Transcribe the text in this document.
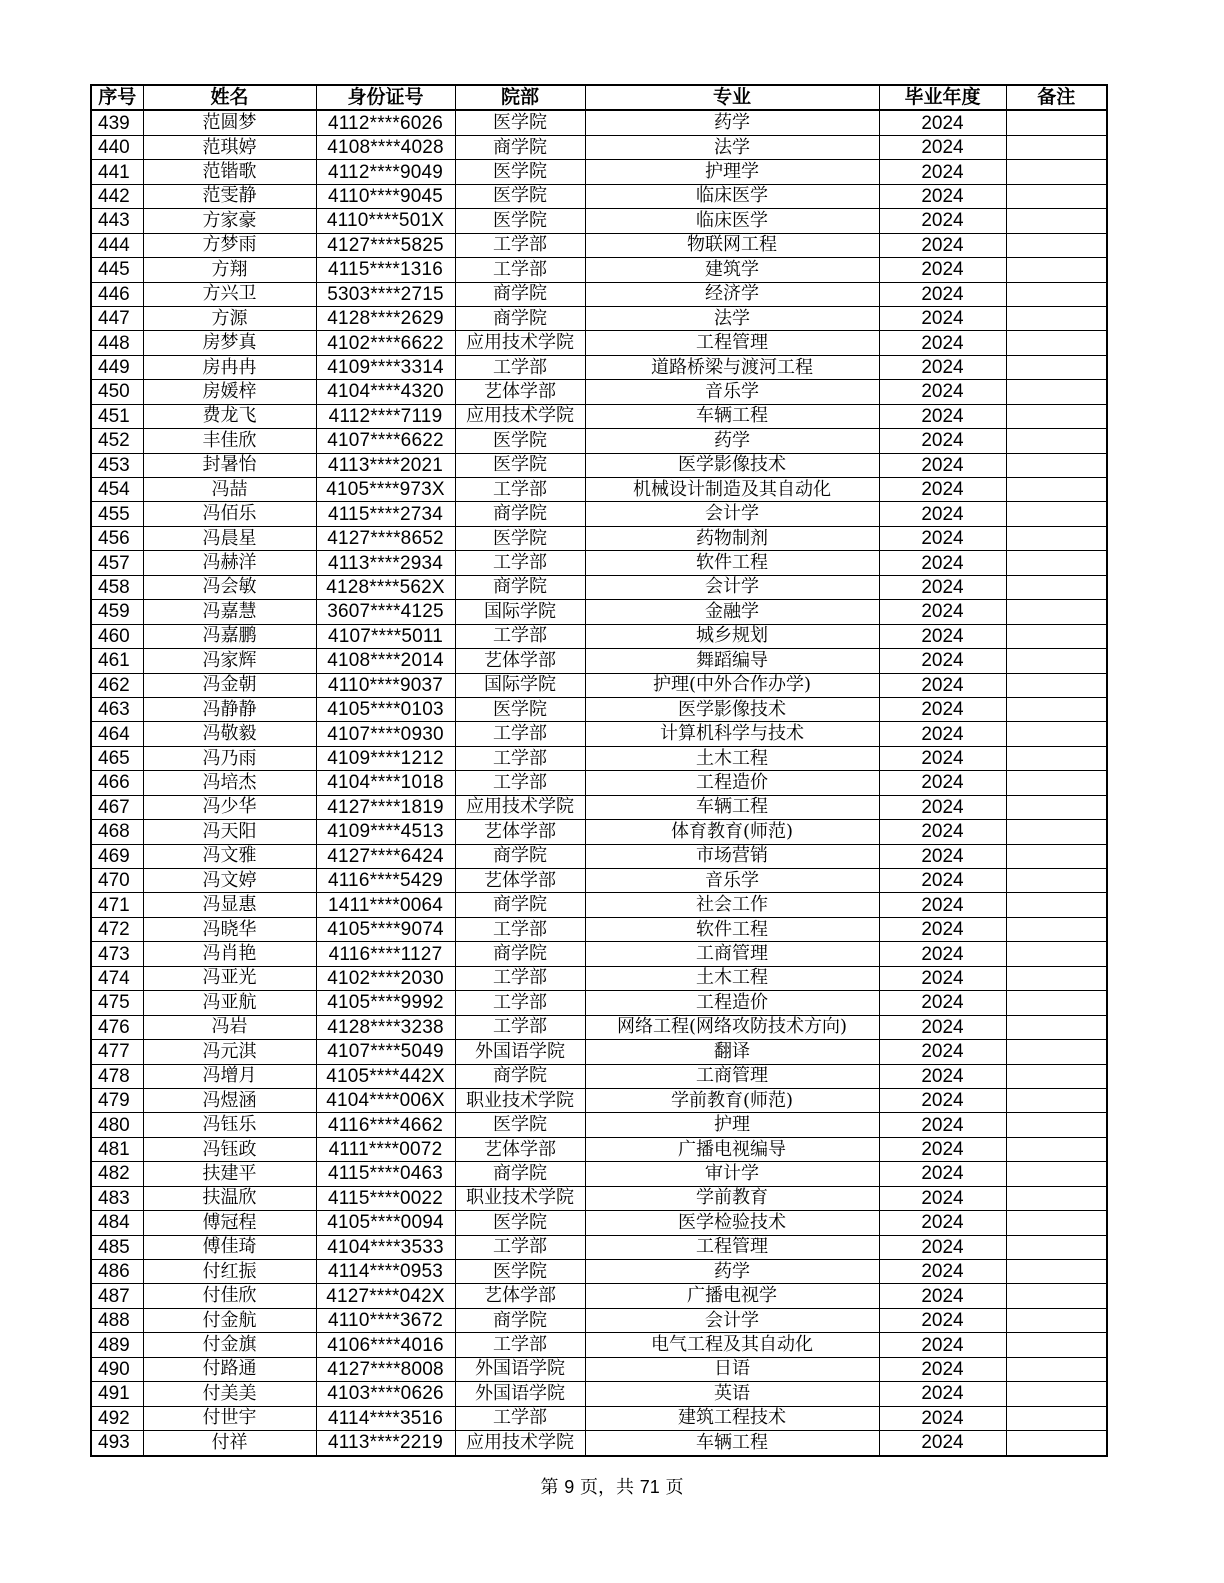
序号	姓名	身份证号	院部	专业	毕业年度	备注
439	范圆梦	4112****6026	医学院	药学	2024	
440	范琪婷	4108****4028	商学院	法学	2024	
441	范锴歌	4112****9049	医学院	护理学	2024	
442	范雯静	4110****9045	医学院	临床医学	2024	
443	方家豪	4110****501X	医学院	临床医学	2024	
444	方梦雨	4127****5825	工学部	物联网工程	2024	
445	方翔	4115****1316	工学部	建筑学	2024	
446	方兴卫	5303****2715	商学院	经济学	2024	
447	方源	4128****2629	商学院	法学	2024	
448	房梦真	4102****6622	应用技术学院	工程管理	2024	
449	房冉冉	4109****3314	工学部	道路桥梁与渡河工程	2024	
450	房媛梓	4104****4320	艺体学部	音乐学	2024	
451	费龙飞	4112****7119	应用技术学院	车辆工程	2024	
452	丰佳欣	4107****6622	医学院	药学	2024	
453	封暑怡	4113****2021	医学院	医学影像技术	2024	
454	冯喆	4105****973X	工学部	机械设计制造及其自动化	2024	
455	冯佰乐	4115****2734	商学院	会计学	2024	
456	冯晨星	4127****8652	医学院	药物制剂	2024	
457	冯赫洋	4113****2934	工学部	软件工程	2024	
458	冯会敏	4128****562X	商学院	会计学	2024	
459	冯嘉慧	3607****4125	国际学院	金融学	2024	
460	冯嘉鹏	4107****5011	工学部	城乡规划	2024	
461	冯家辉	4108****2014	艺体学部	舞蹈编导	2024	
462	冯金朝	4110****9037	国际学院	护理(中外合作办学)	2024	
463	冯静静	4105****0103	医学院	医学影像技术	2024	
464	冯敬毅	4107****0930	工学部	计算机科学与技术	2024	
465	冯乃雨	4109****1212	工学部	土木工程	2024	
466	冯培杰	4104****1018	工学部	工程造价	2024	
467	冯少华	4127****1819	应用技术学院	车辆工程	2024	
468	冯天阳	4109****4513	艺体学部	体育教育(师范)	2024	
469	冯文雅	4127****6424	商学院	市场营销	2024	
470	冯文婷	4116****5429	艺体学部	音乐学	2024	
471	冯显惠	1411****0064	商学院	社会工作	2024	
472	冯晓华	4105****9074	工学部	软件工程	2024	
473	冯肖艳	4116****1127	商学院	工商管理	2024	
474	冯亚光	4102****2030	工学部	土木工程	2024	
475	冯亚航	4105****9992	工学部	工程造价	2024	
476	冯岩	4128****3238	工学部	网络工程(网络攻防技术方向)	2024	
477	冯元淇	4107****5049	外国语学院	翻译	2024	
478	冯增月	4105****442X	商学院	工商管理	2024	
479	冯煜涵	4104****006X	职业技术学院	学前教育(师范)	2024	
480	冯钰乐	4116****4662	医学院	护理	2024	
481	冯钰政	4111****0072	艺体学部	广播电视编导	2024	
482	扶建平	4115****0463	商学院	审计学	2024	
483	扶温欣	4115****0022	职业技术学院	学前教育	2024	
484	傅冠程	4105****0094	医学院	医学检验技术	2024	
485	傅佳琦	4104****3533	工学部	工程管理	2024	
486	付红振	4114****0953	医学院	药学	2024	
487	付佳欣	4127****042X	艺体学部	广播电视学	2024	
488	付金航	4110****3672	商学院	会计学	2024	
489	付金旗	4106****4016	工学部	电气工程及其自动化	2024	
490	付路通	4127****8008	外国语学院	日语	2024	
491	付美美	4103****0626	外国语学院	英语	2024	
492	付世宇	4114****3516	工学部	建筑工程技术	2024	
493	付祥	4113****2219	应用技术学院	车辆工程	2024	
第 9 页，共 71 页
